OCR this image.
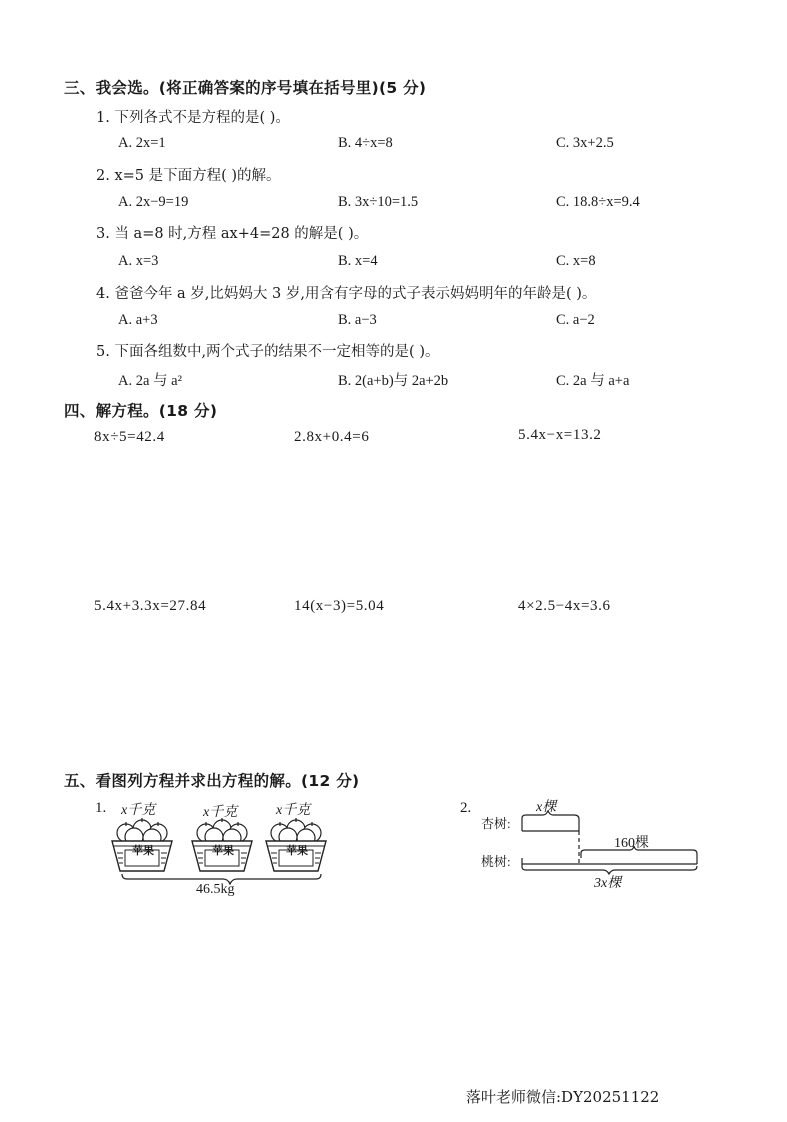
三、我会选。(将正确答案的序号填在括号里)(5 分)
1. 下列各式不是方程的是( )。
A. 2x=1	B. 4÷x=8	C. 3x+2.5
2. x=5 是下面方程( )的解。
A. 2x−9=19	B. 3x÷10=1.5	C. 18.8÷x=9.4
3. 当 a=8 时,方程 ax+4=28 的解是( )。
A. x=3	B. x=4	C. x=8
4. 爸爸今年 a 岁,比妈妈大 3 岁,用含有字母的式子表示妈妈明年的年龄是( )。
A. a+3	B. a−3	C. a−2
5. 下面各组数中,两个式子的结果不一定相等的是( )。
A. 2a 与 a²	B. 2(a+b)与 2a+2b	C. 2a 与 a+a
四、解方程。(18 分)
8x÷5=42.4	2.8x+0.4=6	5.4x−x=13.2
5.4x+3.3x=27.84	14(x−3)=5.04	4×2.5−4x=3.6
五、看图列方程并求出方程的解。(12 分)
1. x千克	x千克	x千克
苹果	苹果	苹果
46.5kg
2.	x棵
杏树:
160棵
桃树:
3x棵
落叶老师微信:DY20251122
